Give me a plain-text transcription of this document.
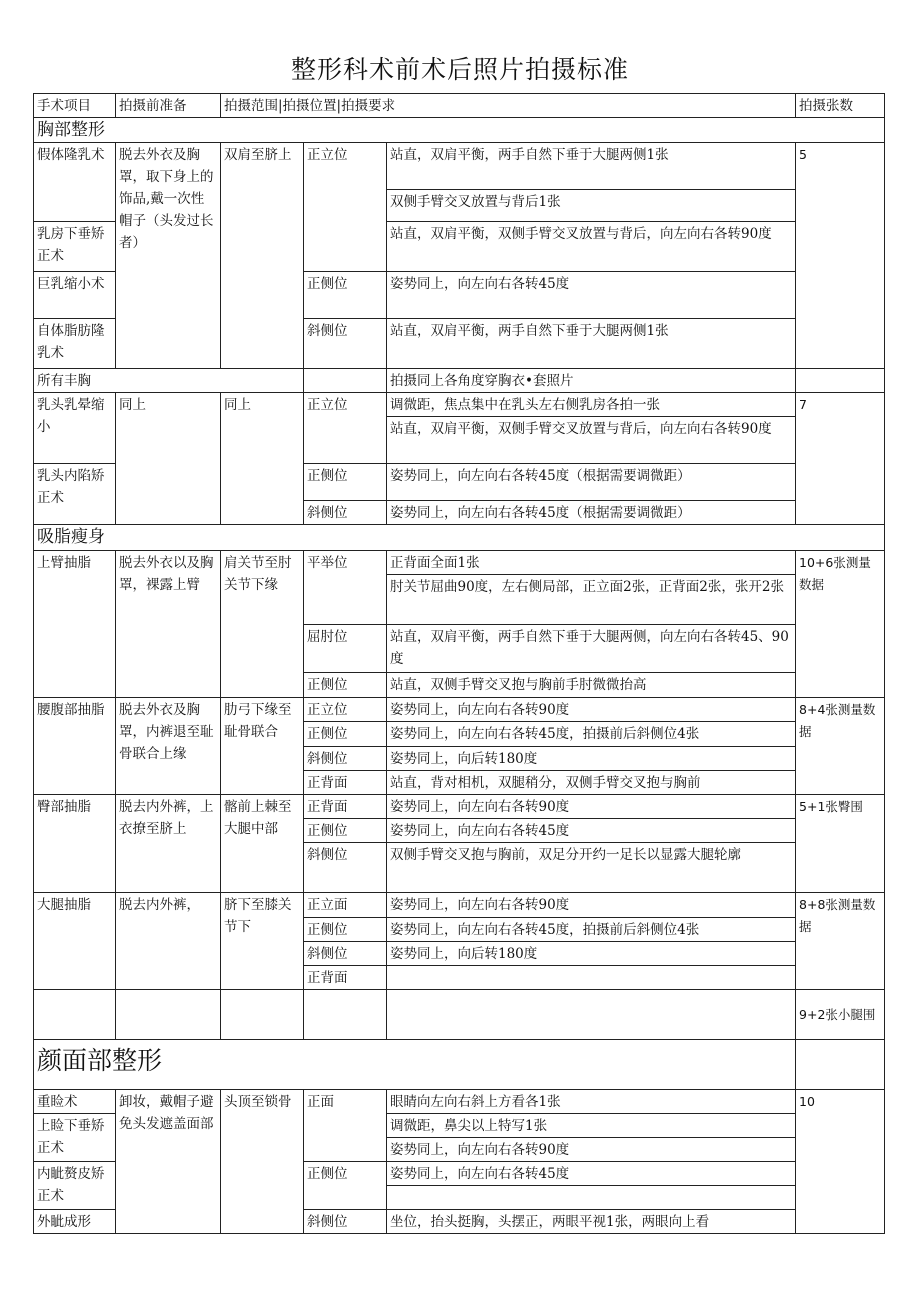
整形科术前术后照片拍摄标准
手术项目	拍摄前准备	拍摄范围|拍摄位置|拍摄要求			拍摄张数
胸部整形					
假体隆乳术	脱去外衣及胸罩，取下身上的饰品,戴一次性帽子（头发过长者）	双肩至脐上	正立位	站直，双肩平衡，两手自然下垂于大腿两侧1张	5
				双侧手臂交叉放置与背后1张	
乳房下垂矫正术				站直，双肩平衡，双侧手臂交叉放置与背后，向左向右各转90度	
巨乳缩小术			正侧位	姿势同上，向左向右各转45度	
自体脂肪隆乳术			斜侧位	站直，双肩平衡，两手自然下垂于大腿两侧1张	
所有丰胸				拍摄同上各角度穿胸衣•套照片	
乳头乳晕缩小	同上	同上	正立位	调微距，焦点集中在乳头左右侧乳房各拍一张	7
				站直，双肩平衡，双侧手臂交叉放置与背后，向左向右各转90度	
乳头内陷矫正术			正侧位	姿势同上，向左向右各转45度（根据需要调微距）	
			斜侧位	姿势同上，向左向右各转45度（根据需要调微距）	
吸脂瘦身					
上臂抽脂	脱去外衣以及胸罩，裸露上臂	肩关节至肘关节下缘	平举位	正背面全面1张	10+6张测量数据
				肘关节屈曲90度，左右侧局部，正立面2张，正背面2张，张开2张	
			屈肘位	站直，双肩平衡，两手自然下垂于大腿两侧，向左向右各转45、90度	
			正侧位	站直，双侧手臂交叉抱与胸前手肘微微抬高	
腰腹部抽脂	脱去外衣及胸罩，内裤退至耻骨联合上缘	肋弓下缘至耻骨联合	正立位	姿势同上，向左向右各转90度	8+4张测量数据
			正侧位	姿势同上，向左向右各转45度，拍摄前后斜侧位4张	
			斜侧位	姿势同上，向后转180度	
			正背面	站直，背对相机，双腿稍分，双侧手臂交叉抱与胸前	
臀部抽脂	脱去内外裤，上衣撩至脐上	髂前上棘至大腿中部	正背面	姿势同上，向左向右各转90度	5+1张臀围
			正侧位	姿势同上，向左向右各转45度	
			斜侧位	双侧手臂交叉抱与胸前，双足分开约一足长以显露大腿轮廓	
大腿抽脂	脱去内外裤，	脐下至膝关节下	正立面	姿势同上，向左向右各转90度	8+8张测量数据
			正侧位	姿势同上，向左向右各转45度，拍摄前后斜侧位4张	
			斜侧位	姿势同上，向后转180度	
			正背面		
					9+2张小腿围
颜面部整形					
重睑术	卸妆，戴帽子避免头发遮盖面部	头顶至锁骨	正面	眼睛向左向右斜上方看各1张	10
上睑下垂矫正术				调微距，鼻尖以上特写1张	
				姿势同上，向左向右各转90度	
内眦赘皮矫正术			正侧位	姿势同上，向左向右各转45度	

外眦成形			斜侧位	坐位，抬头挺胸，头摆正，两眼平视1张，两眼向上看	
